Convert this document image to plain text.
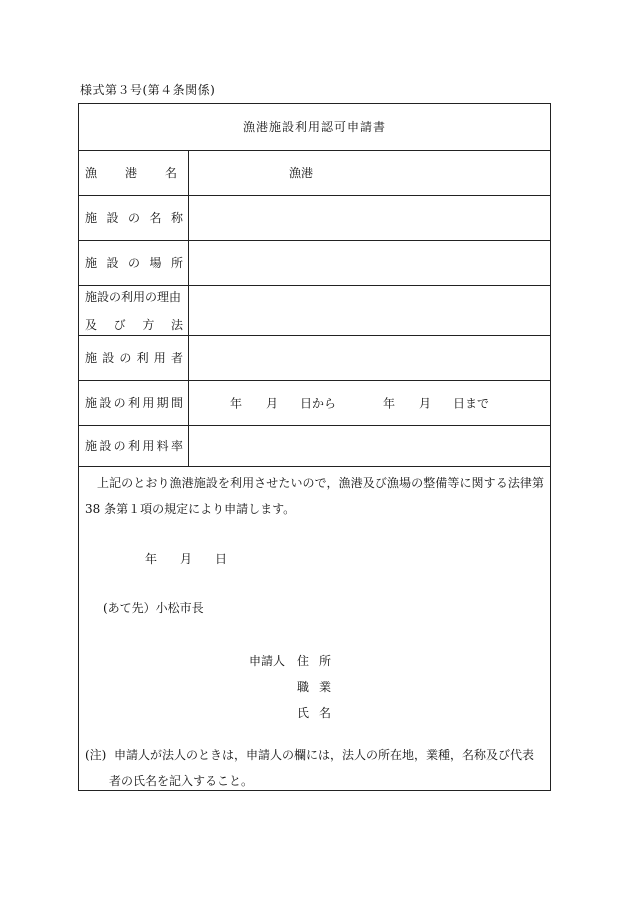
様式第３号(第４条関係)
漁港施設利用認可申請書
漁 港 名	漁港
施 設 の 名 称
施 設 の 場 所
施設の利用の理由
及 び 方 法
施 設 の 利 用 者
施 設 の 利 用 期 間	年 月 日から	年 月 日まで
施 設 の 利 用 料 率
上記のとおり漁港施設を利用させたいので，漁港及び漁場の整備等に関する法律第 38 条第１項の規定により申請します。
年 月 日
(あて先）小松市長
申請人 住 所
職 業
氏 名
(注) 申請人が法人のときは，申請人の欄には，法人の所在地，業種，名称及び代表者の氏名を記入すること。
